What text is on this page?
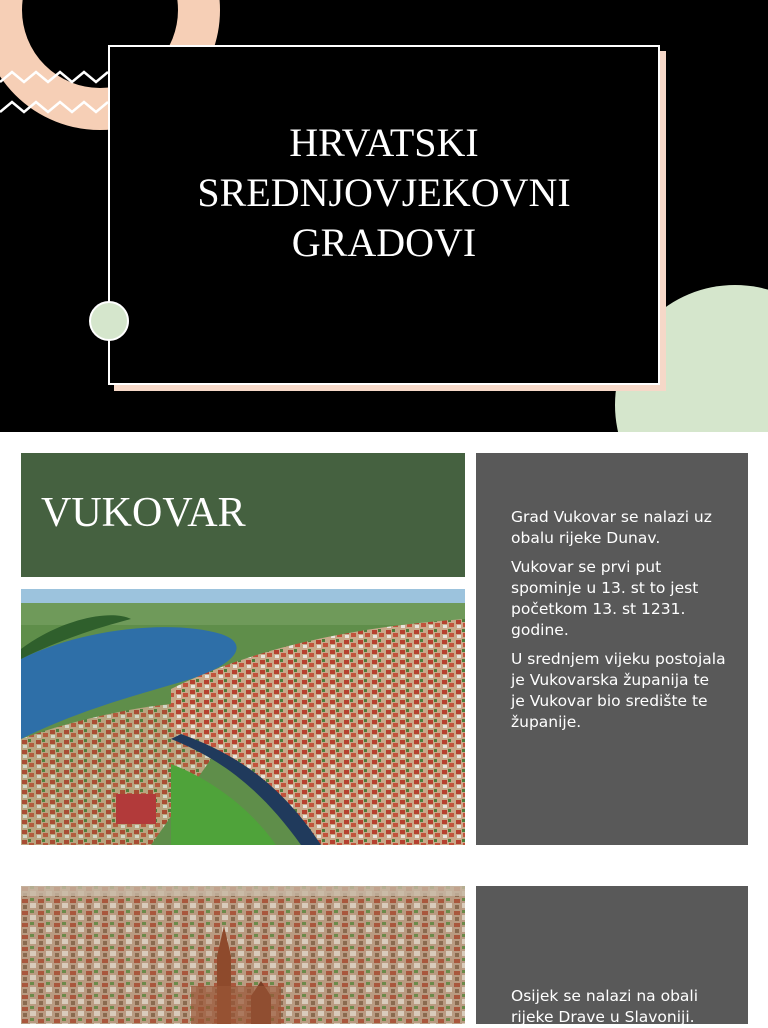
HRVATSKI
SREDNJOVJEKOVNI
GRADOVI
VUKOVAR	Grad Vukovar se nalazi uz obalu rijeke Dunav.

Vukovar se prvi put spominje u 13. st to jest početkom 13. st 1231. godine.

U srednjem vijeku postojala je Vukovarska županija te je Vukovar bio središte te županije.

Osijek se nalazi na obali rijeke Drave u Slavoniji.
